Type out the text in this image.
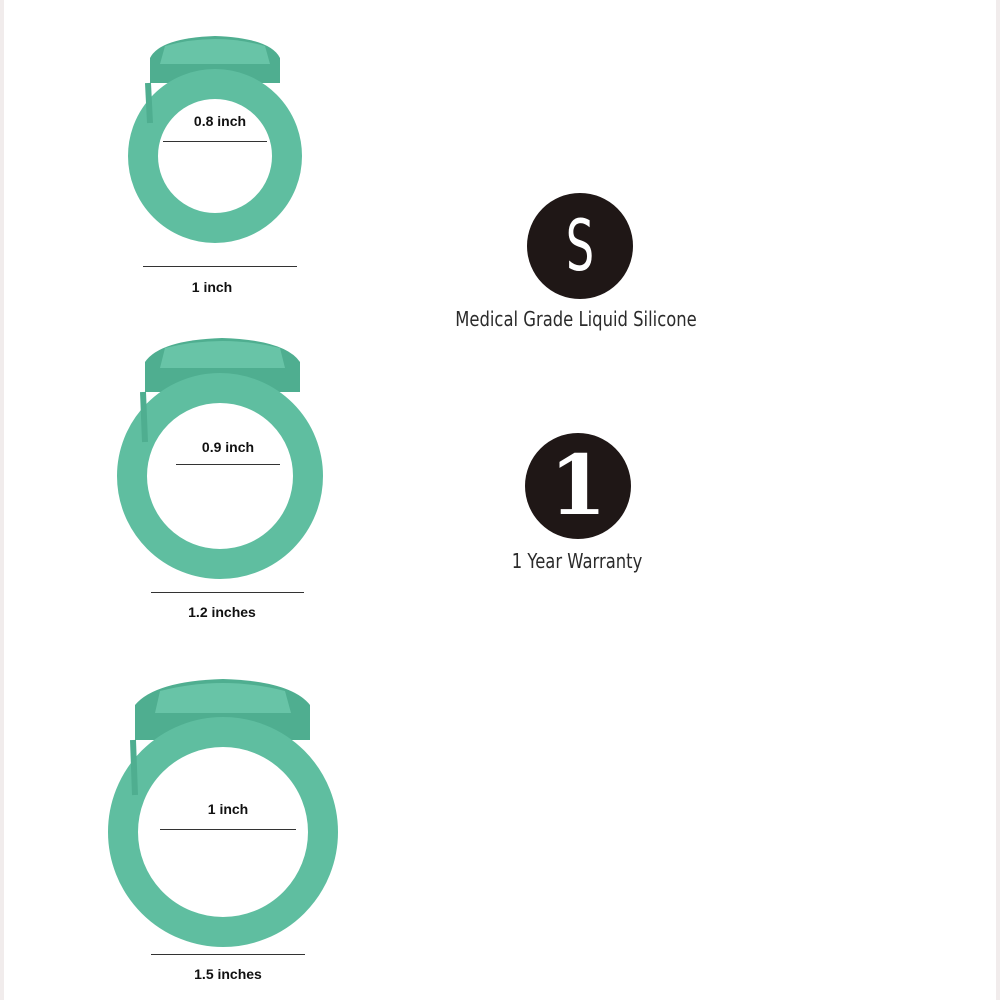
0.8 inch
1 inch
0.9 inch
1.2 inches
1 inch
1.5 inches
S
Medical Grade Liquid Silicone
1
1 Year Warranty
